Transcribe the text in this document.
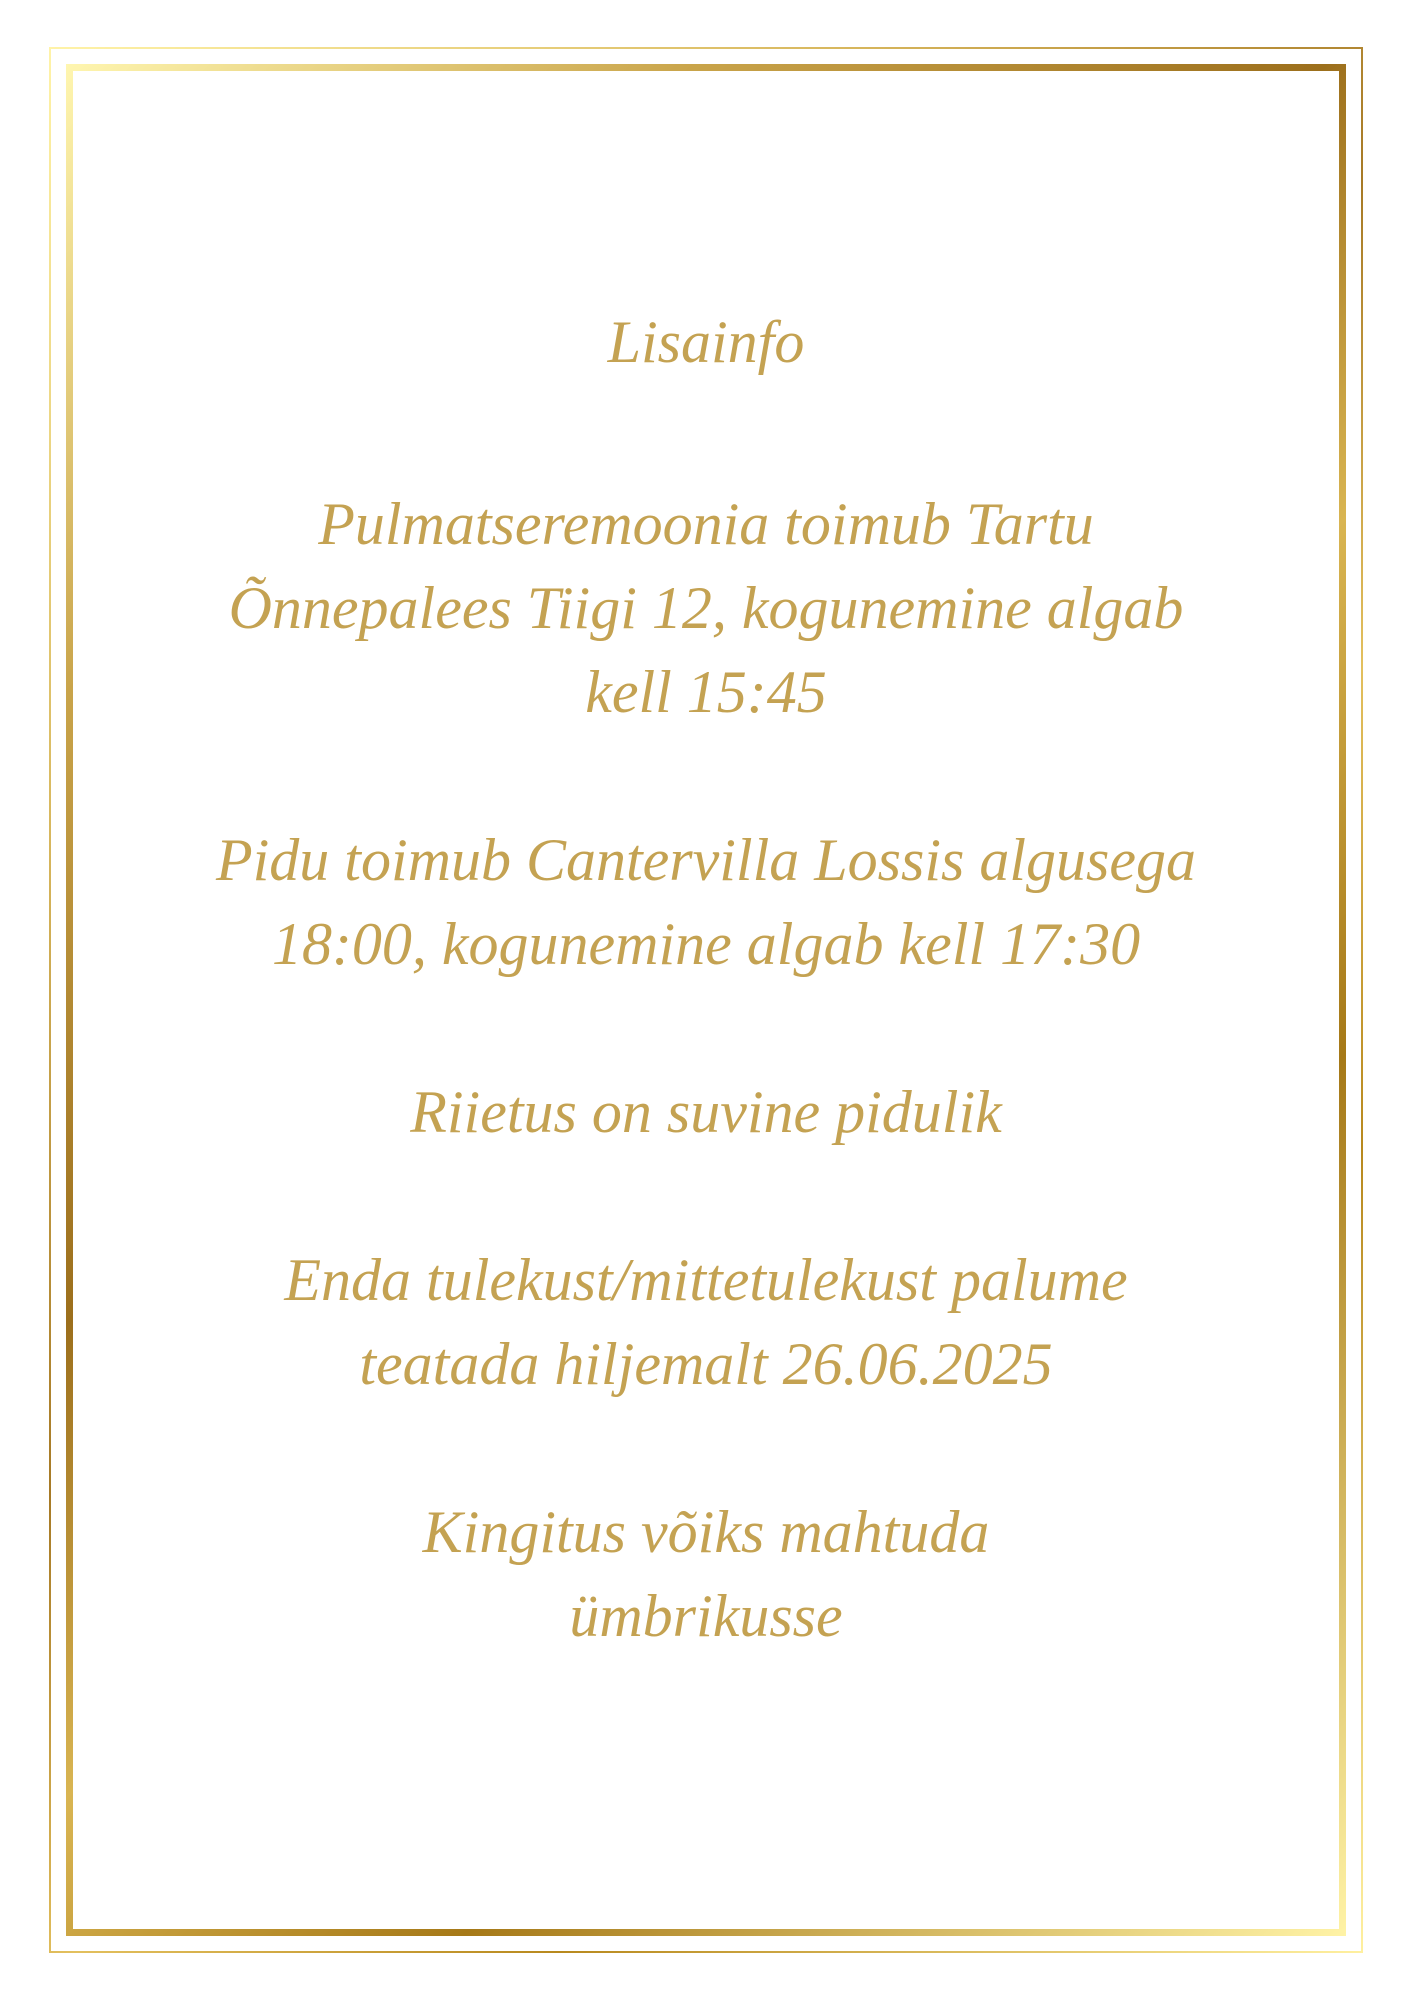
Lisainfo
Pulmatseremoonia toimub Tartu
Õnnepalees Tiigi 12, kogunemine algab
kell 15:45
Pidu toimub Cantervilla Lossis algusega
18:00, kogunemine algab kell 17:30
Riietus on suvine pidulik
Enda tulekust/mittetulekust palume
teatada hiljemalt 26.06.2025
Kingitus võiks mahtuda
ümbrikusse
